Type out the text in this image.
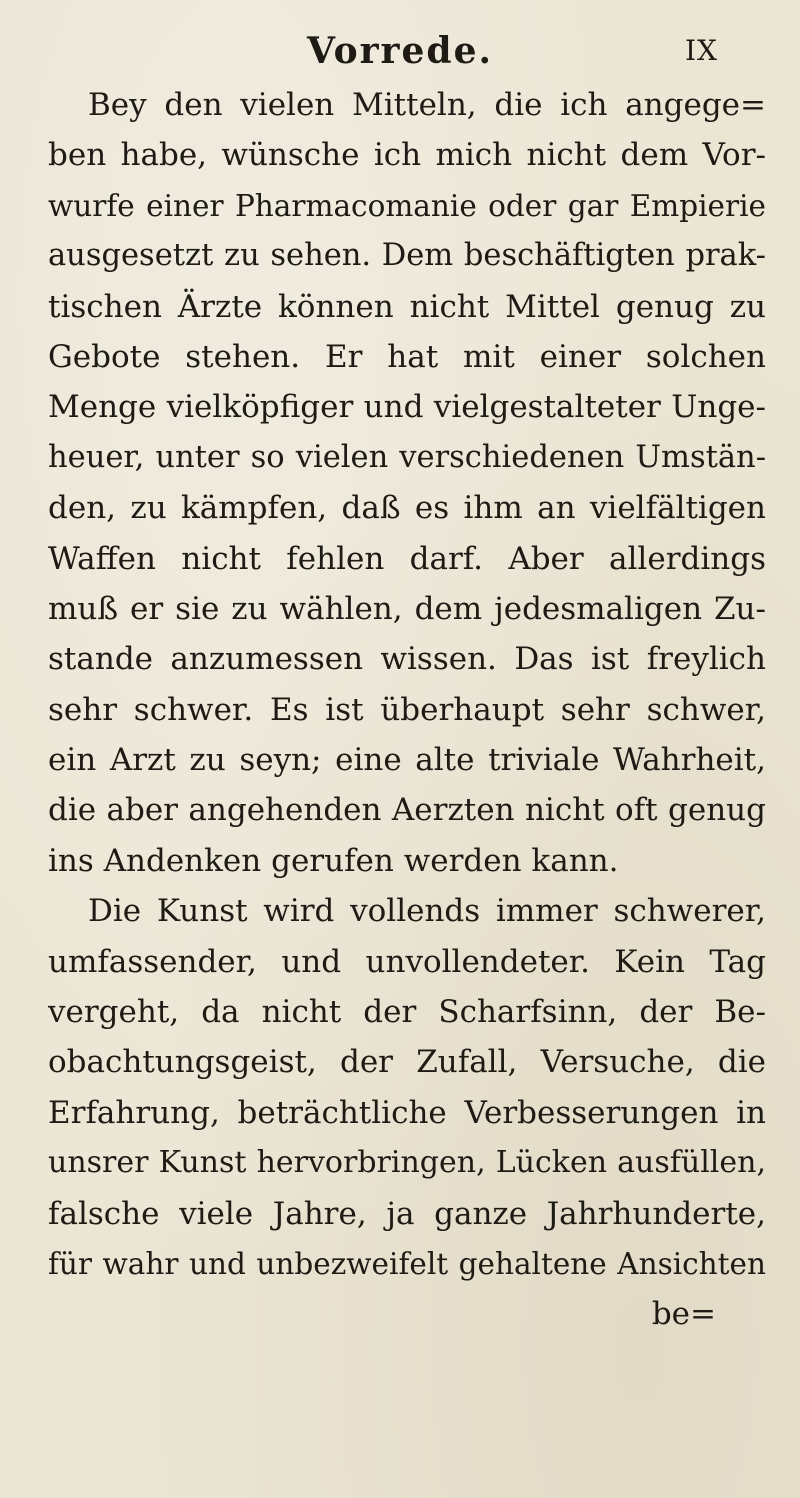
Vorrede.	IX
Bey den vielen Mitteln, die ich angege=
ben habe, wünsche ich mich nicht dem Vor-
wurfe einer Pharmacomanie oder gar Empierie
ausgesetzt zu sehen. Dem beschäftigten prak-
tischen Ärzte können nicht Mittel genug zu
Gebote stehen. Er hat mit einer solchen
Menge vielköpfiger und vielgestalteter Unge-
heuer, unter so vielen verschiedenen Umstän-
den, zu kämpfen, daß es ihm an vielfältigen
Waffen nicht fehlen darf. Aber allerdings
muß er sie zu wählen, dem jedesmaligen Zu-
stande anzumessen wissen. Das ist freylich
sehr schwer. Es ist überhaupt sehr schwer,
ein Arzt zu seyn; eine alte triviale Wahrheit,
die aber angehenden Aerzten nicht oft genug
ins Andenken gerufen werden kann.
Die Kunst wird vollends immer schwerer,
umfassender, und unvollendeter. Kein Tag
vergeht, da nicht der Scharfsinn, der Be-
obachtungsgeist, der Zufall, Versuche, die
Erfahrung, beträchtliche Verbesserungen in
unsrer Kunst hervorbringen, Lücken ausfüllen,
falsche viele Jahre, ja ganze Jahrhunderte,
für wahr und unbezweifelt gehaltene Ansichten
be=
